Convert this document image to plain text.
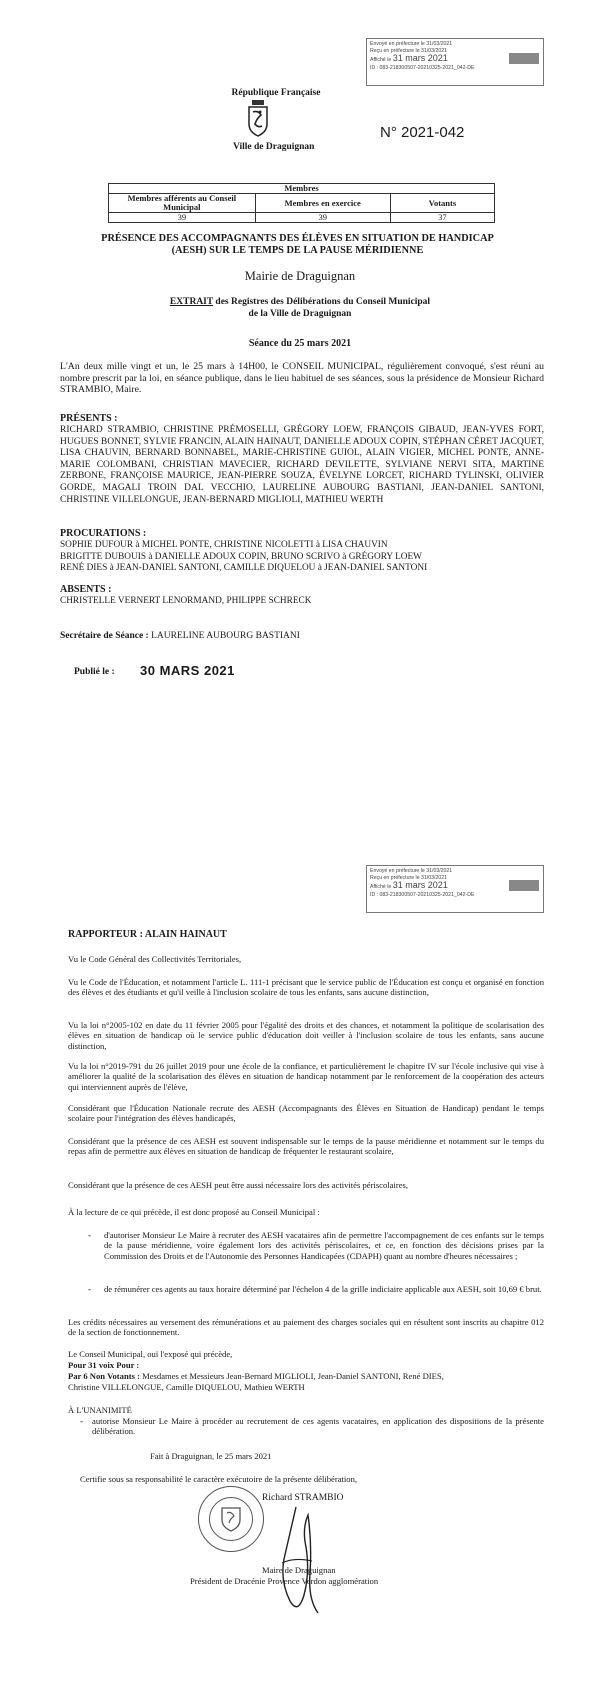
Envoyé en préfecture le 31/03/2021
Reçu en préfecture le 31/03/2021
Affiché le 31 mars 2021
ID : 083-218300507-20210325-2021_042-DE
République Française
Ville de Draguignan
N° 2021-042
Membres		
Membres afférents au Conseil Municipal	Membres en exercice	Votants
39	39	37
PRÉSENCE DES ACCOMPAGNANTS DES ÉLÈVES EN SITUATION DE HANDICAP
(AESH) SUR LE TEMPS DE LA PAUSE MÉRIDIENNE
Mairie de Draguignan
EXTRAIT des Registres des Délibérations du Conseil Municipal
de la Ville de Draguignan
Séance du 25 mars 2021
L'An deux mille vingt et un, le 25 mars à 14H00, le CONSEIL MUNICIPAL, régulièrement convoqué, s'est réuni au nombre prescrit par la loi, en séance publique, dans le lieu habituel de ses séances, sous la présidence de Monsieur Richard STRAMBIO, Maire.
PRÉSENTS :
RICHARD STRAMBIO, CHRISTINE PRÉMOSELLI, GRÉGORY LOEW, FRANÇOIS GIBAUD, JEAN-YVES FORT, HUGUES BONNET, SYLVIE FRANCIN, ALAIN HAINAUT, DANIELLE ADOUX COPIN, STÉPHAN CÉRET JACQUET, LISA CHAUVIN, BERNARD BONNABEL, MARIE-CHRISTINE GUIOL, ALAIN VIGIER, MICHEL PONTE, ANNE-MARIE COLOMBANI, CHRISTIAN MAVECIER, RICHARD DEVILETTE, SYLVIANE NERVI SITA, MARTINE ZERBONE, FRANÇOISE MAURICE, JEAN-PIERRE SOUZA, ÉVELYNE LORCET, RICHARD TYLINSKI, OLIVIER GORDE, MAGALI TROIN DAL VECCHIO, LAURELINE AUBOURG BASTIANI, JEAN-DANIEL SANTONI, CHRISTINE VILLELONGUE, JEAN-BERNARD MIGLIOLI, MATHIEU WERTH
PROCURATIONS :
SOPHIE DUFOUR à MICHEL PONTE, CHRISTINE NICOLETTI à LISA CHAUVIN
BRIGITTE DUBOUIS à DANIELLE ADOUX COPIN, BRUNO SCRIVO à GRÉGORY LOEW
RENÉ DIES à JEAN-DANIEL SANTONI, CAMILLE DIQUELOU à JEAN-DANIEL SANTONI
ABSENTS :
CHRISTELLE VERNERT LENORMAND, PHILIPPE SCHRECK
Secrétaire de Séance : LAURELINE AUBOURG BASTIANI
Publié le : 30 MARS 2021
Envoyé en préfecture le 31/03/2021
Reçu en préfecture le 31/03/2021
Affiché le 31 mars 2021
ID : 083-218300507-20210325-2021_042-DE
RAPPORTEUR : ALAIN HAINAUT
Vu le Code Général des Collectivités Territoriales,
Vu le Code de l'Éducation, et notamment l'article L. 111-1 précisant que le service public de l'Éducation est conçu et organisé en fonction des élèves et des étudiants et qu'il veille à l'inclusion scolaire de tous les enfants, sans aucune distinction,
Vu la loi n°2005-102 en date du 11 février 2005 pour l'égalité des droits et des chances, et notamment la politique de scolarisation des élèves en situation de handicap où le service public d'éducation doit veiller à l'inclusion scolaire de tous les enfants, sans aucune distinction,
Vu la loi n°2019-791 du 26 juillet 2019 pour une école de la confiance, et particulièrement le chapitre IV sur l'école inclusive qui vise à améliorer la qualité de la scolarisation des élèves en situation de handicap notamment par le renforcement de la coopération des acteurs qui interviennent auprès de l'élève,
Considérant que l'Éducation Nationale recrute des AESH (Accompagnants des Élèves en Situation de Handicap) pendant le temps scolaire pour l'intégration des élèves handicapés,
Considérant que la présence de ces AESH est souvent indispensable sur le temps de la pause méridienne et notamment sur le temps du repas afin de permettre aux élèves en situation de handicap de fréquenter le restaurant scolaire,
Considérant que la présence de ces AESH peut être aussi nécessaire lors des activités périscolaires,
À la lecture de ce qui précède, il est donc proposé au Conseil Municipal :
- d'autoriser Monsieur Le Maire à recruter des AESH vacataires afin de permettre l'accompagnement de ces enfants sur le temps de la pause méridienne, voire également lors des activités périscolaires, et ce, en fonction des décisions prises par la Commission des Droits et de l'Autonomie des Personnes Handicapées (CDAPH) quant au nombre d'heures nécessaires ;
- de rémunérer ces agents au taux horaire déterminé par l'échelon 4 de la grille indiciaire applicable aux AESH, soit 10,69 € brut.
Les crédits nécessaires au versement des rémunérations et au paiement des charges sociales qui en résultent sont inscrits au chapitre 012 de la section de fonctionnement.
Le Conseil Municipal, ouï l'exposé qui précède,
Pour 31 voix Pour :
Par 6 Non Votants : Mesdames et Messieurs Jean-Bernard MIGLIOLI, Jean-Daniel SANTONI, René DIES,
Christine VILLELONGUE, Camille DIQUELOU, Mathieu WERTH
À L'UNANIMITÉ
- autorise Monsieur Le Maire à procéder au recrutement de ces agents vacataires, en application des dispositions de la présente délibération.
Fait à Draguignan, le 25 mars 2021
Certifie sous sa responsabilité le caractère exécutoire de la présente délibération,
Richard STRAMBIO
Maire de Draguignan
Président de Dracénie Provence Verdon agglomération
